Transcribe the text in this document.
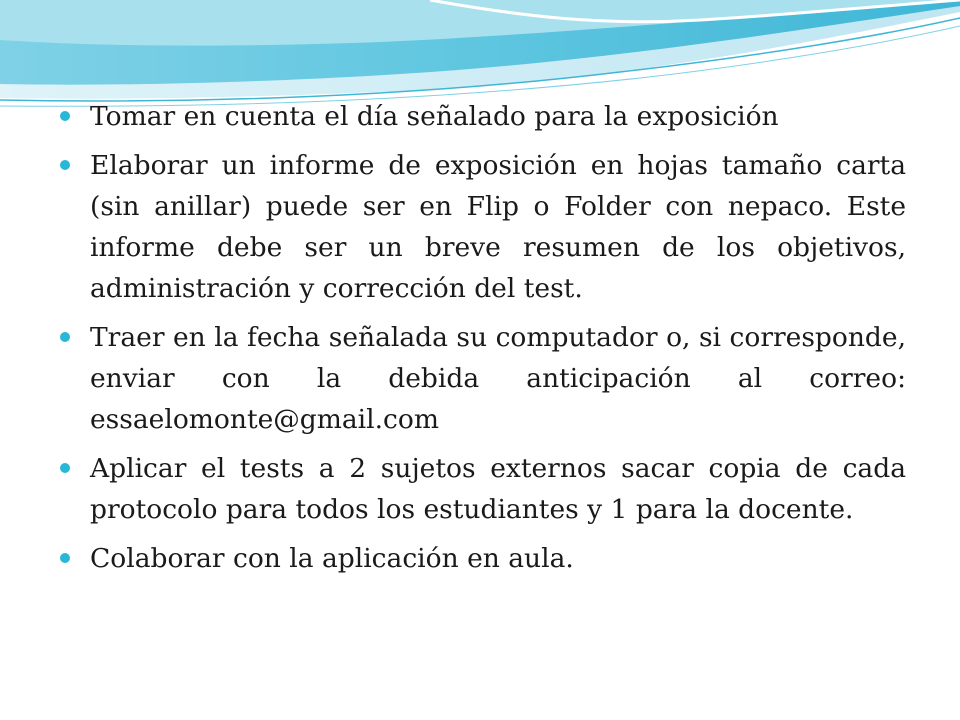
Tomar en cuenta el día señalado para la exposición
Elaborar un informe de exposición en hojas tamaño carta (sin anillar) puede ser en Flip o Folder con nepaco. Este informe debe ser un breve resumen de los objetivos, administración y corrección del test.
Traer en la fecha señalada su computador o, si corresponde, enviar con la debida anticipación al correo: essaelomonte@gmail.com
Aplicar el tests a 2 sujetos externos sacar copia de cada protocolo para todos los estudiantes y 1 para la docente.
Colaborar con la aplicación en aula.
